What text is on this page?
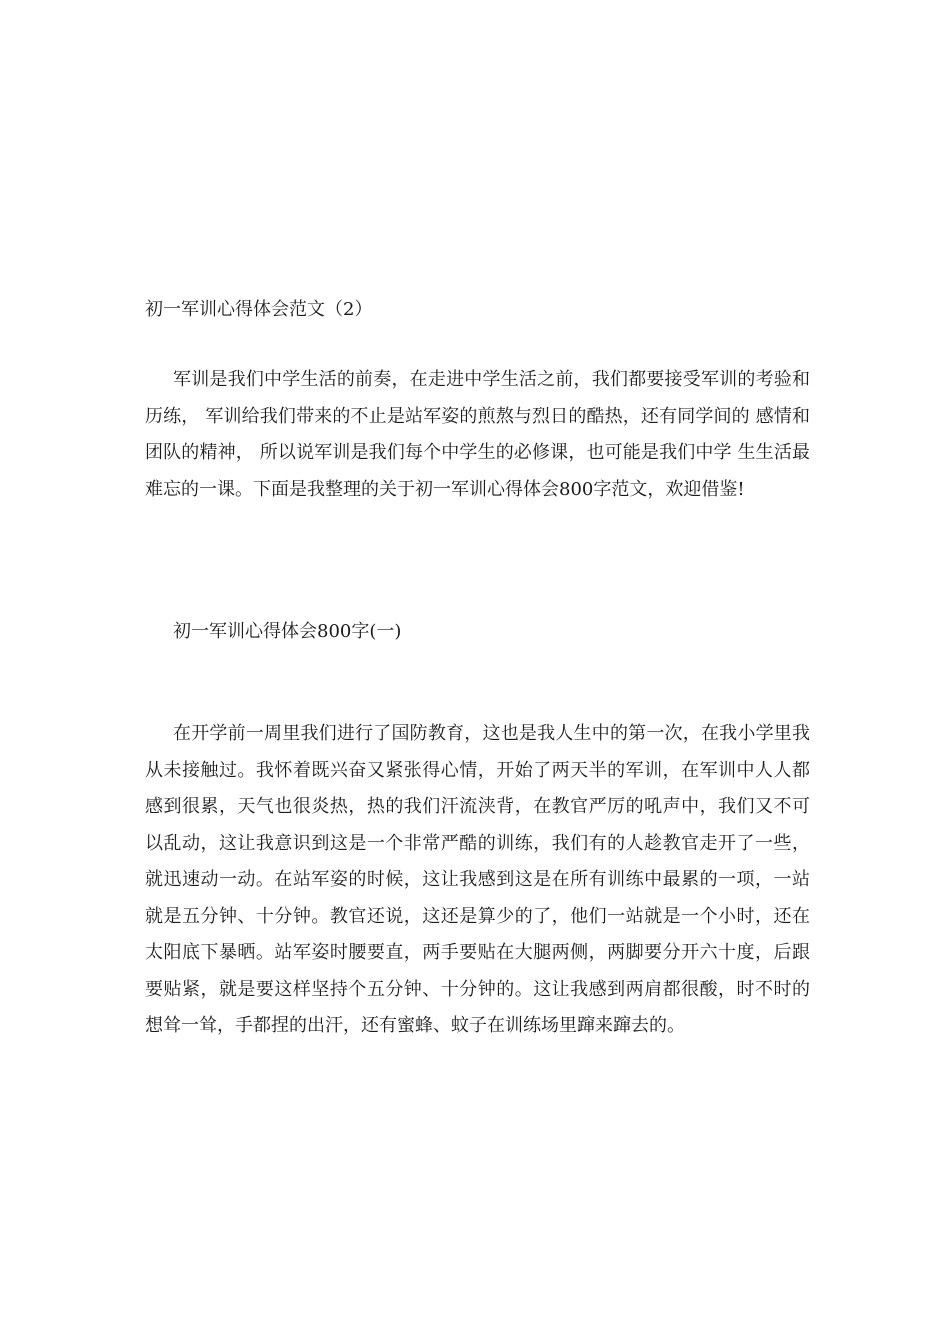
初一军训心得体会范文（2）

军训是我们中学生活的前奏，在走进中学生活之前，我们都要接受军训的考验和历练， 军训给我们带来的不止是站军姿的煎熬与烈日的酷热，还有同学间的 感情和团队的精神， 所以说军训是我们每个中学生的必修课，也可能是我们中学 生生活最难忘的一课。下面是我整理的关于初一军训心得体会800字范文，欢迎借鉴!

初一军训心得体会800字(一)

在开学前一周里我们进行了国防教育，这也是我人生中的第一次，在我小学里我从未接触过。我怀着既兴奋又紧张得心情，开始了两天半的军训，在军训中人人都感到很累，天气也很炎热，热的我们汗流浃背，在教官严厉的吼声中，我们又不可以乱动，这让我意识到这是一个非常严酷的训练，我们有的人趁教官走开了一些，就迅速动一动。在站军姿的时候，这让我感到这是在所有训练中最累的一项，一站就是五分钟、十分钟。教官还说，这还是算少的了，他们一站就是一个小时，还在太阳底下暴晒。站军姿时腰要直，两手要贴在大腿两侧，两脚要分开六十度，后跟要贴紧，就是要这样坚持个五分钟、十分钟的。这让我感到两肩都很酸，时不时的想耸一耸，手都捏的出汗，还有蜜蜂、蚊子在训练场里蹿来蹿去的。
